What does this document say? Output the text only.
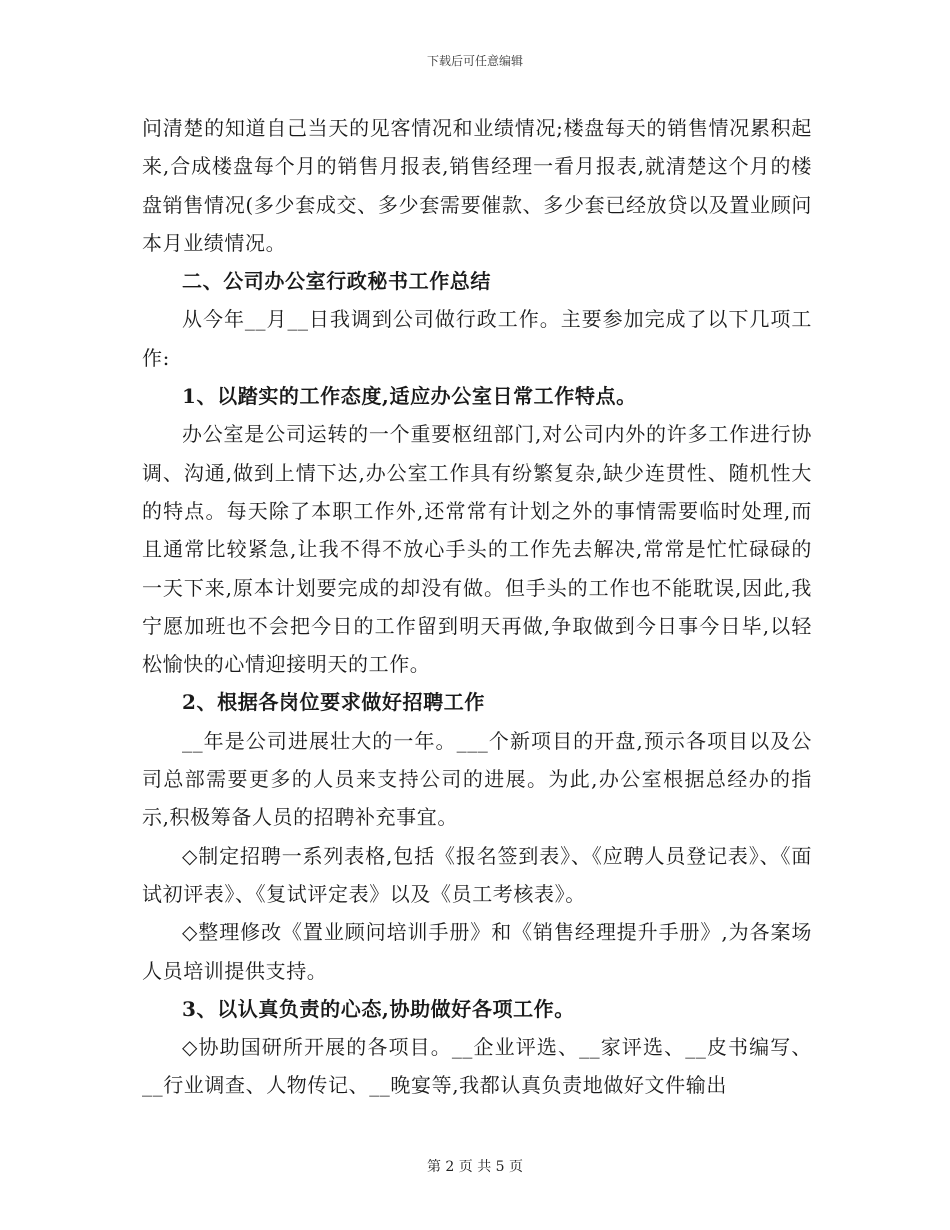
下载后可任意编辑

问清楚的知道自己当天的见客情况和业绩情况;楼盘每天的销售情况累积起来,合成楼盘每个月的销售月报表,销售经理一看月报表,就清楚这个月的楼盘销售情况(多少套成交、多少套需要催款、多少套已经放贷以及置业顾问本月业绩情况。

二、公司办公室行政秘书工作总结

从今年__月__日我调到公司做行政工作。主要参加完成了以下几项工作:

1、以踏实的工作态度,适应办公室日常工作特点。

办公室是公司运转的一个重要枢纽部门,对公司内外的许多工作进行协调、沟通,做到上情下达,办公室工作具有纷繁复杂,缺少连贯性、随机性大的特点。每天除了本职工作外,还常常有计划之外的事情需要临时处理,而且通常比较紧急,让我不得不放心手头的工作先去解决,常常是忙忙碌碌的一天下来,原本计划要完成的却没有做。但手头的工作也不能耽误,因此,我宁愿加班也不会把今日的工作留到明天再做,争取做到今日事今日毕,以轻松愉快的心情迎接明天的工作。

2、根据各岗位要求做好招聘工作

__年是公司进展壮大的一年。___个新项目的开盘,预示各项目以及公司总部需要更多的人员来支持公司的进展。为此,办公室根据总经办的指示,积极筹备人员的招聘补充事宜。

◇制定招聘一系列表格,包括《报名签到表》、《应聘人员登记表》、《面试初评表》、《复试评定表》以及《员工考核表》。

◇整理修改《置业顾问培训手册》和《销售经理提升手册》,为各案场人员培训提供支持。

3、以认真负责的心态,协助做好各项工作。

◇协助国研所开展的各项目。__企业评选、__家评选、__皮书编写、__行业调查、人物传记、__晚宴等,我都认真负责地做好文件输出

第 2 页 共 5 页
